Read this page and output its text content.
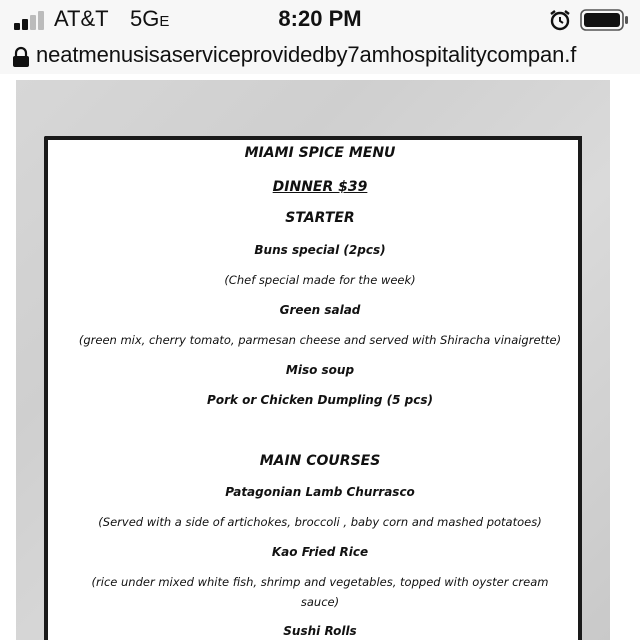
AT&T 5GE	8:20 PM
neatmenusisaserviceprovidedby7amhospitalitycompan.f
MIAMI SPICE MENU
DINNER $39
STARTER
Buns special (2pcs)
(Chef special made for the week)
Green salad
(green mix, cherry tomato, parmesan cheese and served with Shiracha vinaigrette)
Miso soup
Pork or Chicken Dumpling (5 pcs)
MAIN COURSES
Patagonian Lamb Churrasco
(Served with a side of artichokes, broccoli , baby corn and mashed potatoes)
Kao Fried Rice
(rice under mixed white fish, shrimp and vegetables, topped with oyster cream
sauce)
Sushi Rolls
